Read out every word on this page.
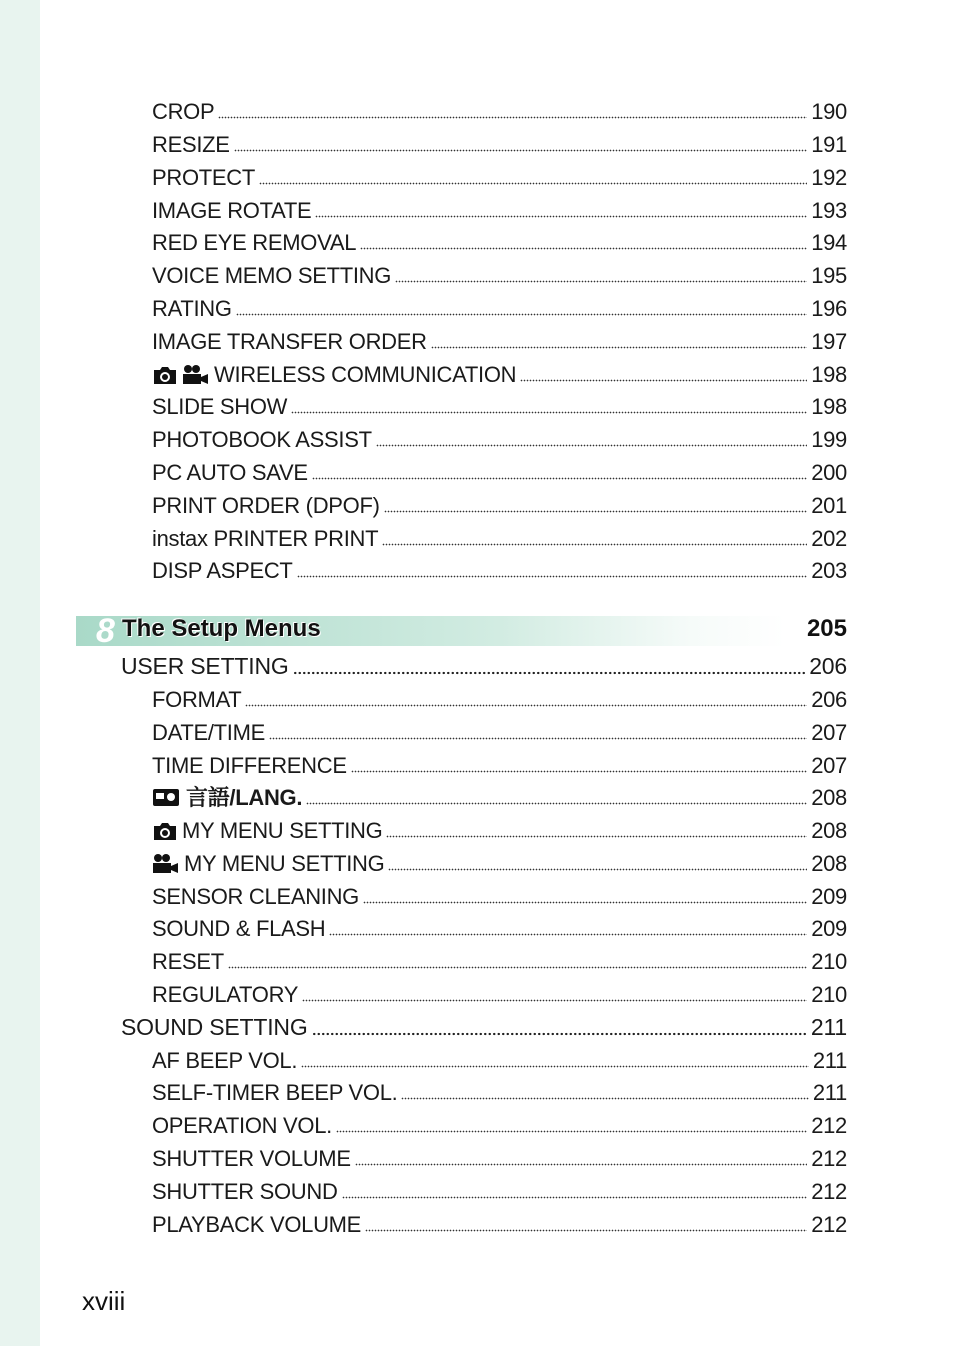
CROP	190
RESIZE	191
PROTECT	192
IMAGE ROTATE	193
RED EYE REMOVAL	194
VOICE MEMO SETTING	195
RATING	196
IMAGE TRANSFER ORDER	197
WIRELESS COMMUNICATION	198
SLIDE SHOW	198
PHOTOBOOK ASSIST	199
PC AUTO SAVE	200
PRINT ORDER (DPOF)	201
instax PRINTER PRINT	202
DISP ASPECT	203
8 The Setup Menus	205
USER SETTING	206
FORMAT	206
DATE/TIME	207
TIME DIFFERENCE	207
言語/LANG.	208
MY MENU SETTING	208
MY MENU SETTING	208
SENSOR CLEANING	209
SOUND & FLASH	209
RESET	210
REGULATORY	210
SOUND SETTING	211
AF BEEP VOL.	211
SELF-TIMER BEEP VOL.	211
OPERATION VOL.	212
SHUTTER VOLUME	212
SHUTTER SOUND	212
PLAYBACK VOLUME	212
xviii
